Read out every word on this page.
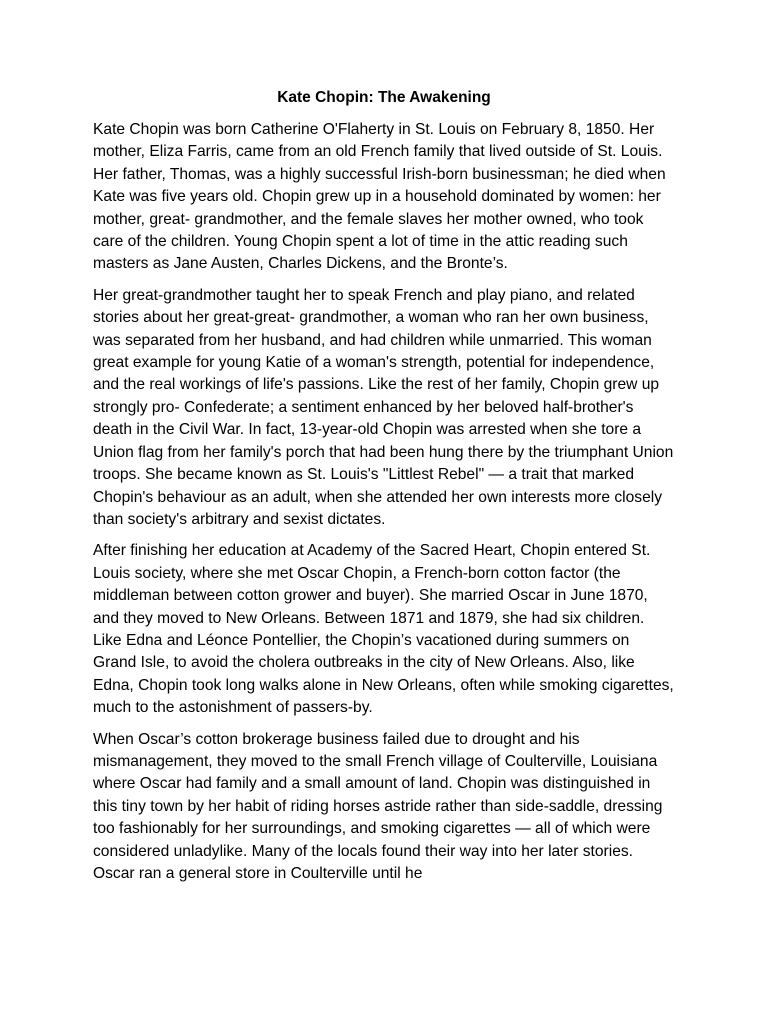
Kate Chopin: The Awakening

Kate Chopin was born Catherine O'Flaherty in St. Louis on February 8, 1850. Her mother, Eliza Farris, came from an old French family that lived outside of St. Louis. Her father, Thomas, was a highly successful Irish-born businessman; he died when Kate was five years old. Chopin grew up in a household dominated by women: her mother, great- grandmother, and the female slaves her mother owned, who took care of the children. Young Chopin spent a lot of time in the attic reading such masters as Jane Austen, Charles Dickens, and the Bronte’s.

Her great-grandmother taught her to speak French and play piano, and related stories about her great-great- grandmother, a woman who ran her own business, was separated from her husband, and had children while unmarried. This woman great example for young Katie of a woman's strength, potential for independence, and the real workings of life's passions. Like the rest of her family, Chopin grew up strongly pro- Confederate; a sentiment enhanced by her beloved half-brother's death in the Civil War. In fact, 13-year-old Chopin was arrested when she tore a Union flag from her family's porch that had been hung there by the triumphant Union troops. She became known as St. Louis's "Littlest Rebel" — a trait that marked Chopin's behaviour as an adult, when she attended her own interests more closely than society's arbitrary and sexist dictates.

After finishing her education at Academy of the Sacred Heart, Chopin entered St. Louis society, where she met Oscar Chopin, a French-born cotton factor (the middleman between cotton grower and buyer). She married Oscar in June 1870, and they moved to New Orleans. Between 1871 and 1879, she had six children. Like Edna and Léonce Pontellier, the Chopin’s vacationed during summers on Grand Isle, to avoid the cholera outbreaks in the city of New Orleans. Also, like Edna, Chopin took long walks alone in New Orleans, often while smoking cigarettes, much to the astonishment of passers-by.

When Oscar’s cotton brokerage business failed due to drought and his mismanagement, they moved to the small French village of Coulterville, Louisiana where Oscar had family and a small amount of land. Chopin was distinguished in this tiny town by her habit of riding horses astride rather than side-saddle, dressing too fashionably for her surroundings, and smoking cigarettes — all of which were considered unladylike. Many of the locals found their way into her later stories. Oscar ran a general store in Coulterville until he
